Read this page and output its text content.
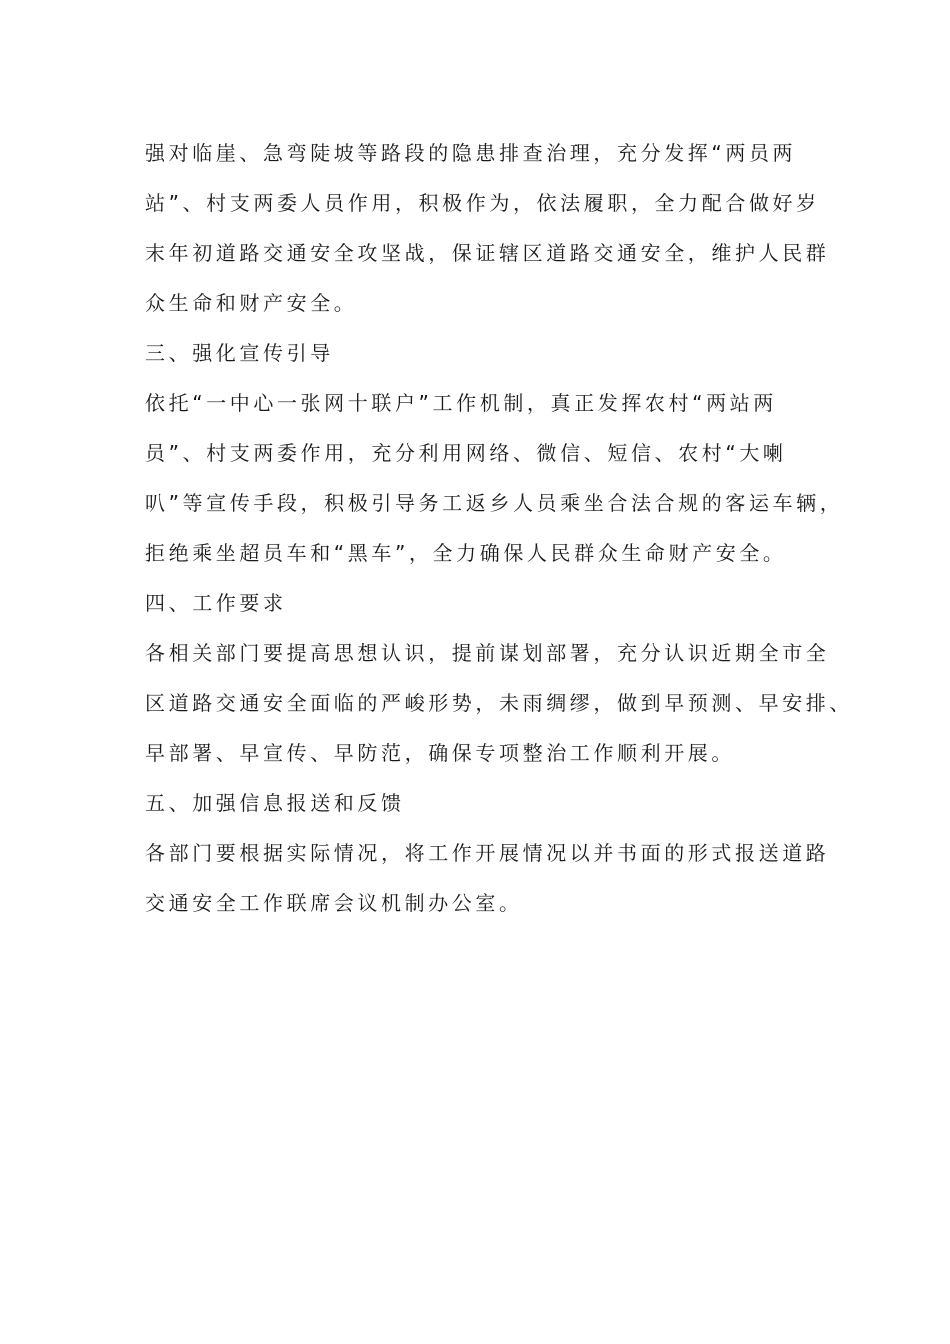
强对临崖、急弯陡坡等路段的隐患排查治理，充分发挥“两员两
站”、村支两委人员作用，积极作为，依法履职，全力配合做好岁
末年初道路交通安全攻坚战，保证辖区道路交通安全，维护人民群
众生命和财产安全。
三、强化宣传引导
依托“一中心一张网十联户”工作机制，真正发挥农村“两站两
员”、村支两委作用，充分利用网络、微信、短信、农村“大喇
叭”等宣传手段，积极引导务工返乡人员乘坐合法合规的客运车辆，
拒绝乘坐超员车和“黑车”，全力确保人民群众生命财产安全。
四、工作要求
各相关部门要提高思想认识，提前谋划部署，充分认识近期全市全
区道路交通安全面临的严峻形势，未雨绸缪，做到早预测、早安排、
早部署、早宣传、早防范，确保专项整治工作顺利开展。
五、加强信息报送和反馈
各部门要根据实际情况，将工作开展情况以并书面的形式报送道路
交通安全工作联席会议机制办公室。
